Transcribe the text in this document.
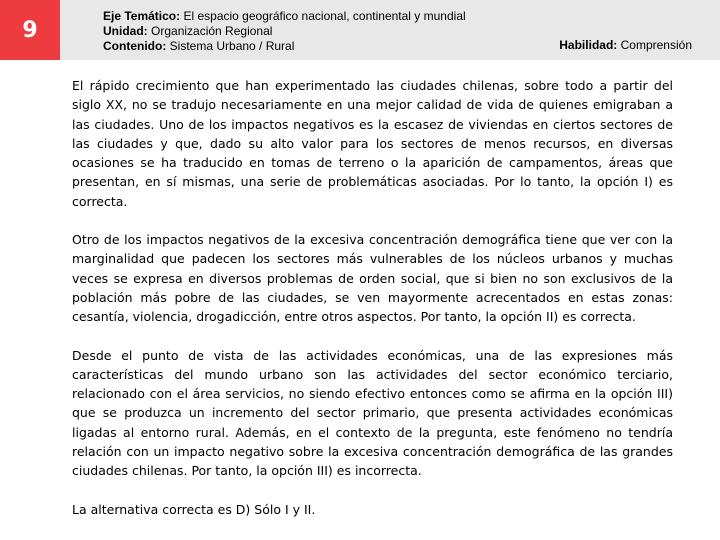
9
Eje Temático: El espacio geográfico nacional, continental y mundial
Unidad: Organización Regional
Contenido: Sistema Urbano / Rural	Habilidad: Comprensión

El rápido crecimiento que han experimentado las ciudades chilenas, sobre todo a partir del siglo XX, no se tradujo necesariamente en una mejor calidad de vida de quienes emigraban a las ciudades. Uno de los impactos negativos es la escasez de viviendas en ciertos sectores de las ciudades y que, dado su alto valor para los sectores de menos recursos, en diversas ocasiones se ha traducido en tomas de terreno o la aparición de campamentos, áreas que presentan, en sí mismas, una serie de problemáticas asociadas. Por lo tanto, la opción I) es correcta.

Otro de los impactos negativos de la excesiva concentración demográfica tiene que ver con la marginalidad que padecen los sectores más vulnerables de los núcleos urbanos y muchas veces se expresa en diversos problemas de orden social, que si bien no son exclusivos de la población más pobre de las ciudades, se ven mayormente acrecentados en estas zonas: cesantía, violencia, drogadicción, entre otros aspectos. Por tanto, la opción II) es correcta.

Desde el punto de vista de las actividades económicas, una de las expresiones más características del mundo urbano son las actividades del sector económico terciario, relacionado con el área servicios, no siendo efectivo entonces como se afirma en la opción III) que se produzca un incremento del sector primario, que presenta actividades económicas ligadas al entorno rural. Además, en el contexto de la pregunta, este fenómeno no tendría relación con un impacto negativo sobre la excesiva concentración demográfica de las grandes ciudades chilenas. Por tanto, la opción III) es incorrecta.

La alternativa correcta es D) Sólo I y II.
